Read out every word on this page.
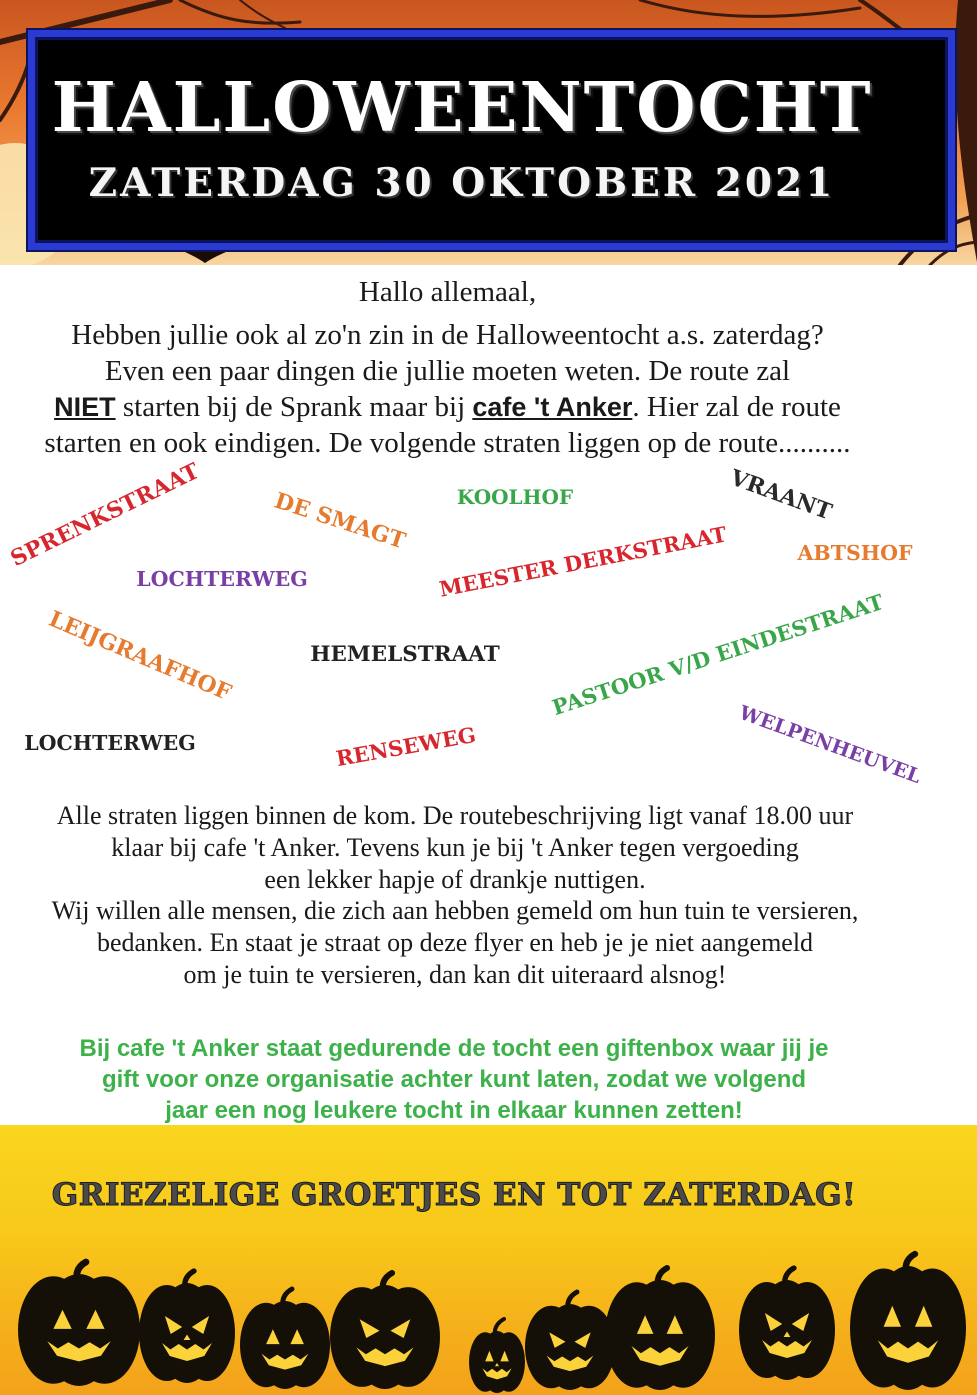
HALLOWEENTOCHT
ZATERDAG 30 OKTOBER 2021
Hallo allemaal,
Hebben jullie ook al zo'n zin in de Halloweentocht a.s. zaterdag?
Even een paar dingen die jullie moeten weten. De route zal
NIET starten bij de Sprank maar bij cafe 't Anker. Hier zal de route
starten en ook eindigen. De volgende straten liggen op de route..........
SPRENKSTRAAT	DE SMAGT KOOLHOF	VRAANT
ABTSHOF
LOCHTERWEG	MEESTER DERKSTRAAT
LEIJGRAAFHOF	HEMELSTRAAT PASTOOR V/D EINDESTRAAT
LOCHTERWEG	RENSEWEG	WELPENHEUVEL
Alle straten liggen binnen de kom. De routebeschrijving ligt vanaf 18.00 uur
klaar bij cafe 't Anker. Tevens kun je bij 't Anker tegen vergoeding
een lekker hapje of drankje nuttigen.
Wij willen alle mensen, die zich aan hebben gemeld om hun tuin te versieren,
bedanken. En staat je straat op deze flyer en heb je je niet aangemeld
om je tuin te versieren, dan kan dit uiteraard alsnog!
Bij cafe 't Anker staat gedurende de tocht een giftenbox waar jij je
gift voor onze organisatie achter kunt laten, zodat we volgend
jaar een nog leukere tocht in elkaar kunnen zetten!
GRIEZELIGE GROETJES EN TOT ZATERDAG!
